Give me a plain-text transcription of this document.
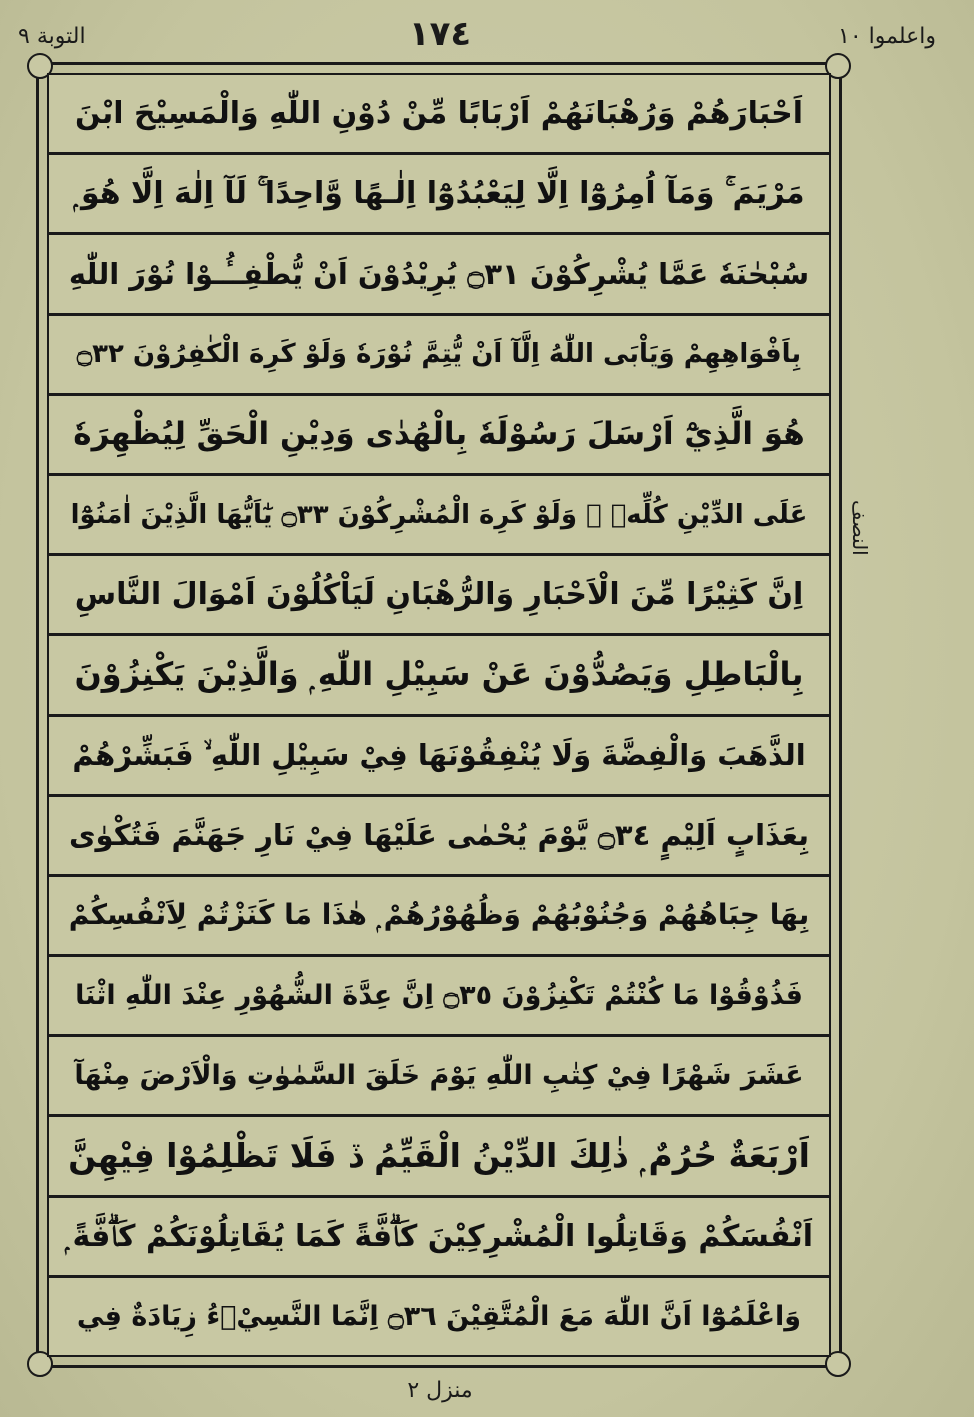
واعلموا ١٠
١٧٤
التوبة ٩
اَحْبَارَهُمْ وَرُهْبَانَهُمْ اَرْبَابًا مِّنْ دُوْنِ اللّٰهِ وَالْمَسِيْحَ ابْنَ
مَرْيَمَ ۚ وَمَآ اُمِرُوْٓا اِلَّا لِيَعْبُدُوْٓا اِلٰـهًا وَّاحِدًا ۚ لَآ اِلٰهَ اِلَّا هُوَ ۭ
سُبْحٰنَهٗ عَمَّا يُشْرِكُوْنَ ۝٣١ يُرِيْدُوْنَ اَنْ يُّطْفِــُٔـوْا نُوْرَ اللّٰهِ
بِاَفْوَاهِهِمْ وَيَاْبَى اللّٰهُ اِلَّآ اَنْ يُّتِمَّ نُوْرَهٗ وَلَوْ كَرِهَ الْكٰفِرُوْنَ ۝٣٢
هُوَ الَّذِيْٓ اَرْسَلَ رَسُوْلَهٗ بِالْهُدٰى وَدِيْنِ الْحَقِّ لِيُظْهِرَهٗ
عَلَى الدِّيْنِ كُلِّهٖ ۙ وَلَوْ كَرِهَ الْمُشْرِكُوْنَ ۝٣٣ يٰٓاَيُّهَا الَّذِيْنَ اٰمَنُوْٓا
اِنَّ كَثِيْرًا مِّنَ الْاَحْبَارِ وَالرُّهْبَانِ لَيَاْكُلُوْنَ اَمْوَالَ النَّاسِ
بِالْبَاطِلِ وَيَصُدُّوْنَ عَنْ سَبِيْلِ اللّٰهِ ۭ وَالَّذِيْنَ يَكْنِزُوْنَ
الذَّهَبَ وَالْفِضَّةَ وَلَا يُنْفِقُوْنَهَا فِيْ سَبِيْلِ اللّٰهِ ۙ فَبَشِّرْهُمْ
بِعَذَابٍ اَلِيْمٍ ۝٣٤ يَّوْمَ يُحْمٰى عَلَيْهَا فِيْ نَارِ جَهَنَّمَ فَتُكْوٰى
بِهَا جِبَاهُهُمْ وَجُنُوْبُهُمْ وَظُهُوْرُهُمْ ۭ هٰذَا مَا كَنَزْتُمْ لِاَنْفُسِكُمْ
فَذُوْقُوْا مَا كُنْتُمْ تَكْنِزُوْنَ ۝٣٥ اِنَّ عِدَّةَ الشُّهُوْرِ عِنْدَ اللّٰهِ اثْنَا
عَشَرَ شَهْرًا فِيْ كِتٰبِ اللّٰهِ يَوْمَ خَلَقَ السَّمٰوٰتِ وَالْاَرْضَ مِنْهَآ
اَرْبَعَةٌ حُرُمٌ ۭ ذٰلِكَ الدِّيْنُ الْقَيِّمُ ڏ فَلَا تَظْلِمُوْا فِيْهِنَّ
اَنْفُسَكُمْ وَقَاتِلُوا الْمُشْرِكِيْنَ كَاۗفَّةً كَمَا يُقَاتِلُوْنَكُمْ كَاۗفَّةً ۭ
وَاعْلَمُوْٓا اَنَّ اللّٰهَ مَعَ الْمُتَّقِيْنَ ۝٣٦ اِنَّمَا النَّسِيْۗءُ زِيَادَةٌ فِي
النصف
منزل ٢
